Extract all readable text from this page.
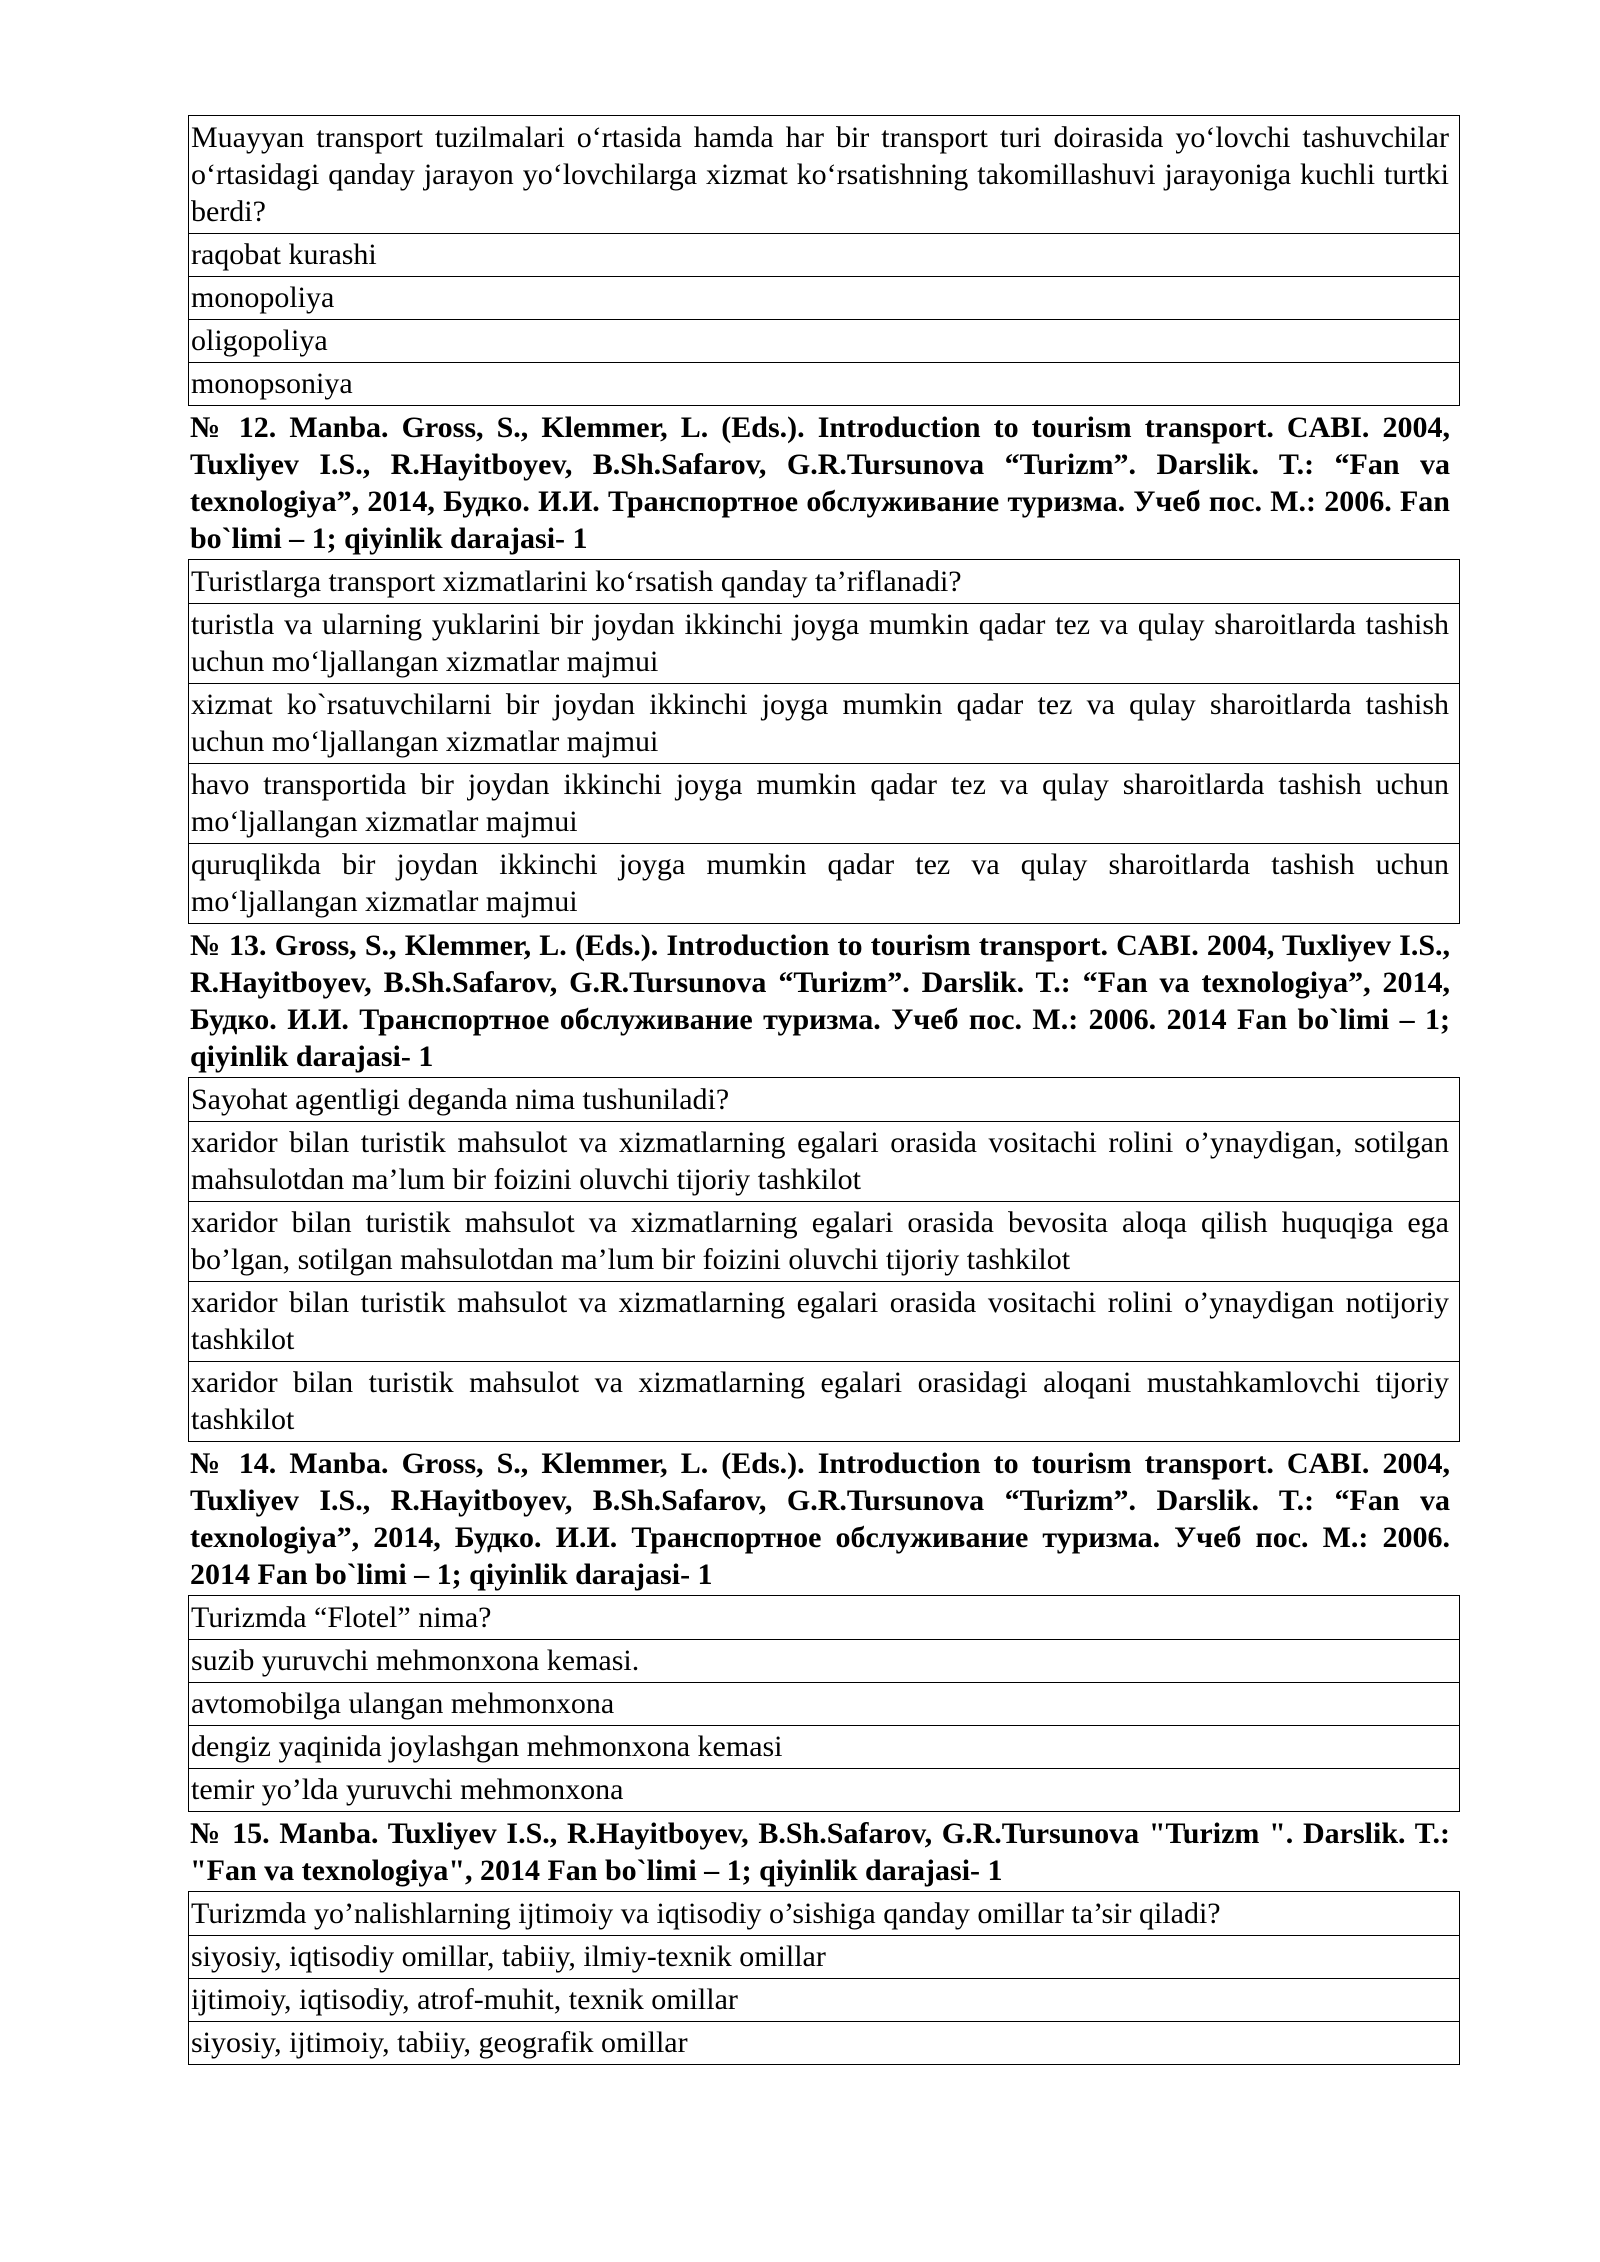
Muayyan transport tuzilmalari o‘rtasida hamda har bir transport turi doirasida yo‘lovchi tashuvchilar o‘rtasidagi qanday jarayon yo‘lovchilarga xizmat ko‘rsatishning takomillashuvi jarayoniga kuchli turtki berdi?
raqobat kurashi
monopoliya
oligopoliya
monopsoniya
№ 12. Manba. Gross, S., Klemmer, L. (Eds.). Introduction to tourism transport. CABI. 2004, Tuxliyev I.S., R.Hayitboyev, B.Sh.Safarov, G.R.Tursunova “Turizm”. Darslik. T.: “Fan va texnologiya”, 2014, Будко. И.И. Транспортное обслуживание туризма. Учеб пос. М.: 2006. Fan bo`limi – 1; qiyinlik darajasi- 1
Turistlarga transport xizmatlarini ko‘rsatish qanday ta’riflanadi?
turistla va ularning yuklarini bir joydan ikkinchi joyga mumkin qadar tez va qulay sharoitlarda tashish uchun mo‘ljallangan xizmatlar majmui
xizmat ko`rsatuvchilarni bir joydan ikkinchi joyga mumkin qadar tez va qulay sharoitlarda tashish uchun mo‘ljallangan xizmatlar majmui
havo transportida bir joydan ikkinchi joyga mumkin qadar tez va qulay sharoitlarda tashish uchun mo‘ljallangan xizmatlar majmui
quruqlikda bir joydan ikkinchi joyga mumkin qadar tez va qulay sharoitlarda tashish uchun mo‘ljallangan xizmatlar majmui
№ 13. Gross, S., Klemmer, L. (Eds.). Introduction to tourism transport. CABI. 2004, Tuxliyev I.S., R.Hayitboyev, B.Sh.Safarov, G.R.Tursunova “Turizm”. Darslik. T.: “Fan va texnologiya”, 2014, Будко. И.И. Транспортное обслуживание туризма. Учеб пос. М.: 2006. 2014 Fan bo`limi – 1; qiyinlik darajasi- 1
Sayohat agentligi deganda nima tushuniladi?
xaridor bilan turistik mahsulot va xizmatlarning egalari orasida vositachi rolini o’ynaydigan, sotilgan mahsulotdan ma’lum bir foizini oluvchi tijoriy tashkilot
xaridor bilan turistik mahsulot va xizmatlarning egalari orasida bevosita aloqa qilish huquqiga ega bo’lgan, sotilgan mahsulotdan ma’lum bir foizini oluvchi tijoriy tashkilot
xaridor bilan turistik mahsulot va xizmatlarning egalari orasida vositachi rolini o’ynaydigan notijoriy tashkilot
xaridor bilan turistik mahsulot va xizmatlarning egalari orasidagi aloqani mustahkamlovchi tijoriy tashkilot
№ 14. Manba. Gross, S., Klemmer, L. (Eds.). Introduction to tourism transport. CABI. 2004, Tuxliyev I.S., R.Hayitboyev, B.Sh.Safarov, G.R.Tursunova “Turizm”. Darslik. T.: “Fan va texnologiya”, 2014, Будко. И.И. Транспортное обслуживание туризма. Учеб пос. М.: 2006. 2014 Fan bo`limi – 1; qiyinlik darajasi- 1
Turizmda “Flotel” nima?
suzib yuruvchi mehmonxona kemasi.
avtomobilga ulangan mehmonxona
dengiz yaqinida joylashgan mehmonxona kemasi
temir yo’lda yuruvchi mehmonxona
№ 15. Manba. Tuxliyev I.S., R.Hayitboyev, B.Sh.Safarov, G.R.Tursunova "Turizm ". Darslik. T.: "Fan va texnologiya", 2014 Fan bo`limi – 1; qiyinlik darajasi- 1
Turizmda yo’nalishlarning ijtimoiy va iqtisodiy o’sishiga qanday omillar ta’sir qiladi?
siyosiy, iqtisodiy omillar, tabiiy, ilmiy-texnik omillar
ijtimoiy, iqtisodiy, atrof-muhit, texnik omillar
siyosiy, ijtimoiy, tabiiy, geografik omillar
